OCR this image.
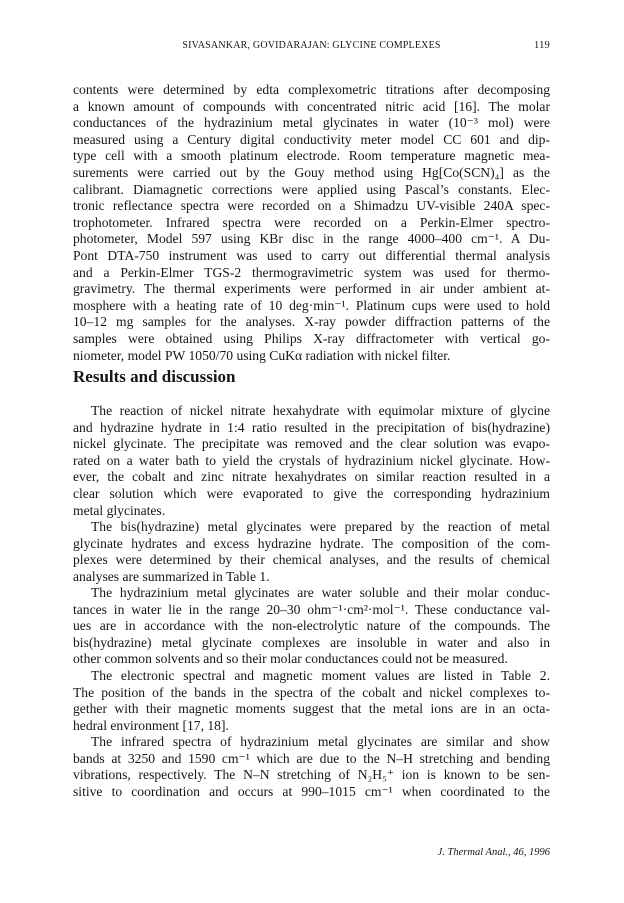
SIVASANKAR, GOVIDARAJAN: GLYCINE COMPLEXES	119
contents were determined by edta complexometric titrations after decomposing
a known amount of compounds with concentrated nitric acid [16]. The molar
conductances of the hydrazinium metal glycinates in water (10⁻³ mol) were
measured using a Century digital conductivity meter model CC 601 and dip-
type cell with a smooth platinum electrode. Room temperature magnetic mea-
surements were carried out by the Gouy method using Hg[Co(SCN)₄] as the
calibrant. Diamagnetic corrections were applied using Pascal’s constants. Elec-
tronic reflectance spectra were recorded on a Shimadzu UV-visible 240A spec-
trophotometer. Infrared spectra were recorded on a Perkin-Elmer spectro-
photometer, Model 597 using KBr disc in the range 4000–400 cm⁻¹. A Du-
Pont DTA-750 instrument was used to carry out differential thermal analysis
and a Perkin-Elmer TGS-2 thermogravimetric system was used for thermo-
gravimetry. The thermal experiments were performed in air under ambient at-
mosphere with a heating rate of 10 deg·min⁻¹. Platinum cups were used to hold
10–12 mg samples for the analyses. X-ray powder diffraction patterns of the
samples were obtained using Philips X-ray diffractometer with vertical go-
niometer, model PW 1050/70 using CuKα radiation with nickel filter.
Results and discussion
The reaction of nickel nitrate hexahydrate with equimolar mixture of glycine
and hydrazine hydrate in 1:4 ratio resulted in the precipitation of bis(hydrazine)
nickel glycinate. The precipitate was removed and the clear solution was evapo-
rated on a water bath to yield the crystals of hydrazinium nickel glycinate. How-
ever, the cobalt and zinc nitrate hexahydrates on similar reaction resulted in a
clear solution which were evaporated to give the corresponding hydrazinium
metal glycinates.
The bis(hydrazine) metal glycinates were prepared by the reaction of metal
glycinate hydrates and excess hydrazine hydrate. The composition of the com-
plexes were determined by their chemical analyses, and the results of chemical
analyses are summarized in Table 1.
The hydrazinium metal glycinates are water soluble and their molar conduc-
tances in water lie in the range 20–30 ohm⁻¹·cm²·mol⁻¹. These conductance val-
ues are in accordance with the non-electrolytic nature of the compounds. The
bis(hydrazine) metal glycinate complexes are insoluble in water and also in
other common solvents and so their molar conductances could not be measured.
The electronic spectral and magnetic moment values are listed in Table 2.
The position of the bands in the spectra of the cobalt and nickel complexes to-
gether with their magnetic moments suggest that the metal ions are in an octa-
hedral environment [17, 18].
The infrared spectra of hydrazinium metal glycinates are similar and show
bands at 3250 and 1590 cm⁻¹ which are due to the N–H stretching and bending
vibrations, respectively. The N–N stretching of N₂H₅⁺ ion is known to be sen-
sitive to coordination and occurs at 990–1015 cm⁻¹ when coordinated to the
J. Thermal Anal., 46, 1996
